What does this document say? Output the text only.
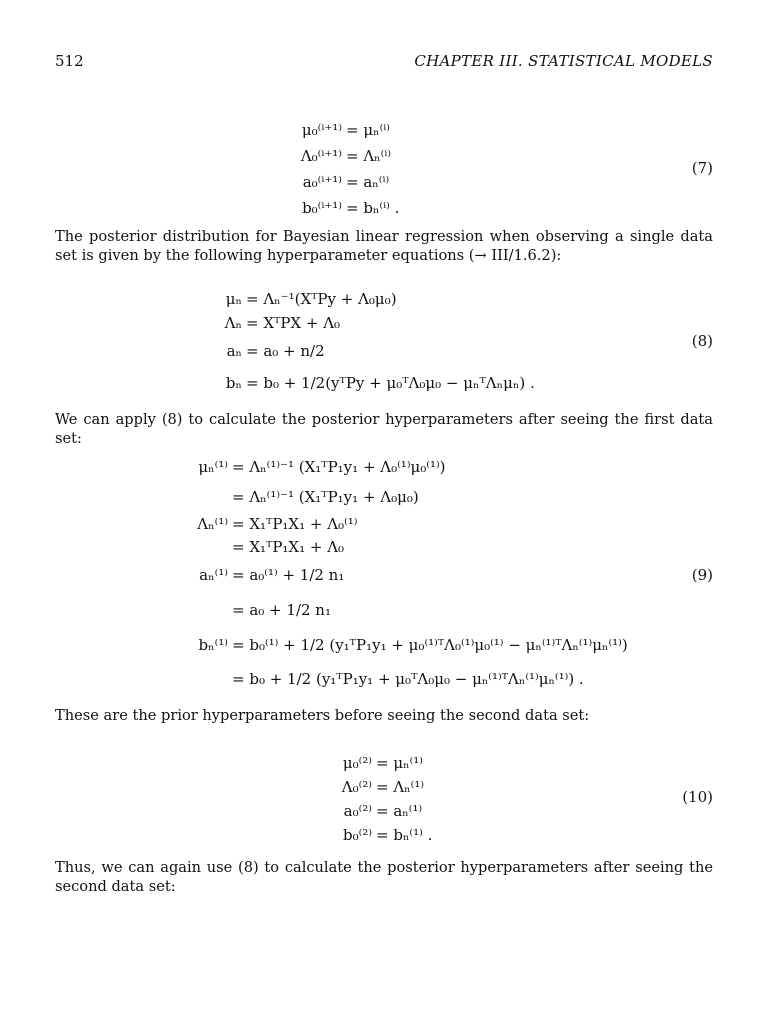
512	CHAPTER III. STATISTICAL MODELS
μ₀⁽ⁱ⁺¹⁾ = μₙ⁽ⁱ⁾
Λ₀⁽ⁱ⁺¹⁾ = Λₙ⁽ⁱ⁾
a₀⁽ⁱ⁺¹⁾ = aₙ⁽ⁱ⁾
b₀⁽ⁱ⁺¹⁾ = bₙ⁽ⁱ⁾ .
(7)
The posterior distribution for Bayesian linear regression when observing a single data set is given by the following hyperparameter equations (→ III/1.6.2):
μₙ = Λₙ⁻¹(XᵀPy + Λ₀μ₀)
Λₙ = XᵀPX + Λ₀
aₙ = a₀ + n/2
bₙ = b₀ + 1/2(yᵀPy + μ₀ᵀΛ₀μ₀ − μₙᵀΛₙμₙ) .
(8)
We can apply (8) to calculate the posterior hyperparameters after seeing the first data set:
μₙ⁽¹⁾ = Λₙ⁽¹⁾⁻¹ (X₁ᵀP₁y₁ + Λ₀⁽¹⁾μ₀⁽¹⁾)
= Λₙ⁽¹⁾⁻¹ (X₁ᵀP₁y₁ + Λ₀μ₀)
Λₙ⁽¹⁾ = X₁ᵀP₁X₁ + Λ₀⁽¹⁾
= X₁ᵀP₁X₁ + Λ₀
aₙ⁽¹⁾ = a₀⁽¹⁾ + 1/2 n₁
= a₀ + 1/2 n₁
bₙ⁽¹⁾ = b₀⁽¹⁾ + 1/2 (y₁ᵀP₁y₁ + μ₀⁽¹⁾ᵀΛ₀⁽¹⁾μ₀⁽¹⁾ − μₙ⁽¹⁾ᵀΛₙ⁽¹⁾μₙ⁽¹⁾)
= b₀ + 1/2 (y₁ᵀP₁y₁ + μ₀ᵀΛ₀μ₀ − μₙ⁽¹⁾ᵀΛₙ⁽¹⁾μₙ⁽¹⁾) .
(9)
These are the prior hyperparameters before seeing the second data set:
μ₀⁽²⁾ = μₙ⁽¹⁾
Λ₀⁽²⁾ = Λₙ⁽¹⁾
a₀⁽²⁾ = aₙ⁽¹⁾
b₀⁽²⁾ = bₙ⁽¹⁾ .
(10)
Thus, we can again use (8) to calculate the posterior hyperparameters after seeing the second data set:
